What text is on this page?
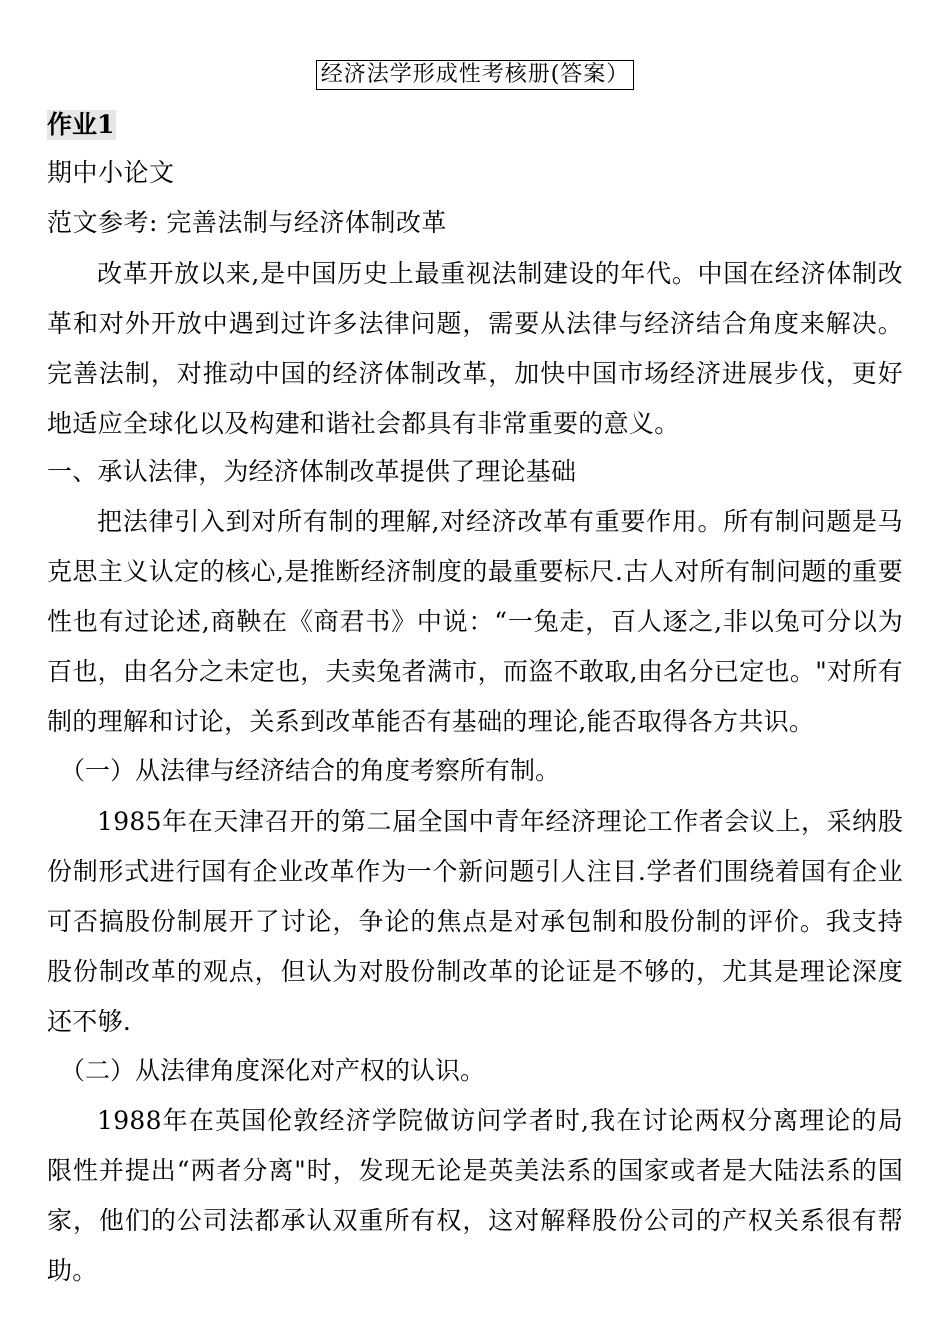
经济法学形成性考核册(答案）
作业1
期中小论文
范文参考: 完善法制与经济体制改革
改革开放以来,是中国历史上最重视法制建设的年代。中国在经济体制改革和对外开放中遇到过许多法律问题，需要从法律与经济结合角度来解决。完善法制，对推动中国的经济体制改革，加快中国市场经济进展步伐，更好地适应全球化以及构建和谐社会都具有非常重要的意义。
一、承认法律，为经济体制改革提供了理论基础
把法律引入到对所有制的理解,对经济改革有重要作用。所有制问题是马克思主义认定的核心,是推断经济制度的最重要标尺.古人对所有制问题的重要性也有过论述,商鞅在《商君书》中说：“一兔走，百人逐之,非以兔可分以为百也，由名分之未定也，夫卖兔者满市，而盗不敢取,由名分已定也。"对所有制的理解和讨论，关系到改革能否有基础的理论,能否取得各方共识。
（一）从法律与经济结合的角度考察所有制。
1985年在天津召开的第二届全国中青年经济理论工作者会议上，采纳股份制形式进行国有企业改革作为一个新问题引人注目.学者们围绕着国有企业可否搞股份制展开了讨论，争论的焦点是对承包制和股份制的评价。我支持股份制改革的观点，但认为对股份制改革的论证是不够的，尤其是理论深度还不够.
（二）从法律角度深化对产权的认识。
1988年在英国伦敦经济学院做访问学者时,我在讨论两权分离理论的局限性并提出“两者分离"时，发现无论是英美法系的国家或者是大陆法系的国家，他们的公司法都承认双重所有权，这对解释股份公司的产权关系很有帮助。
